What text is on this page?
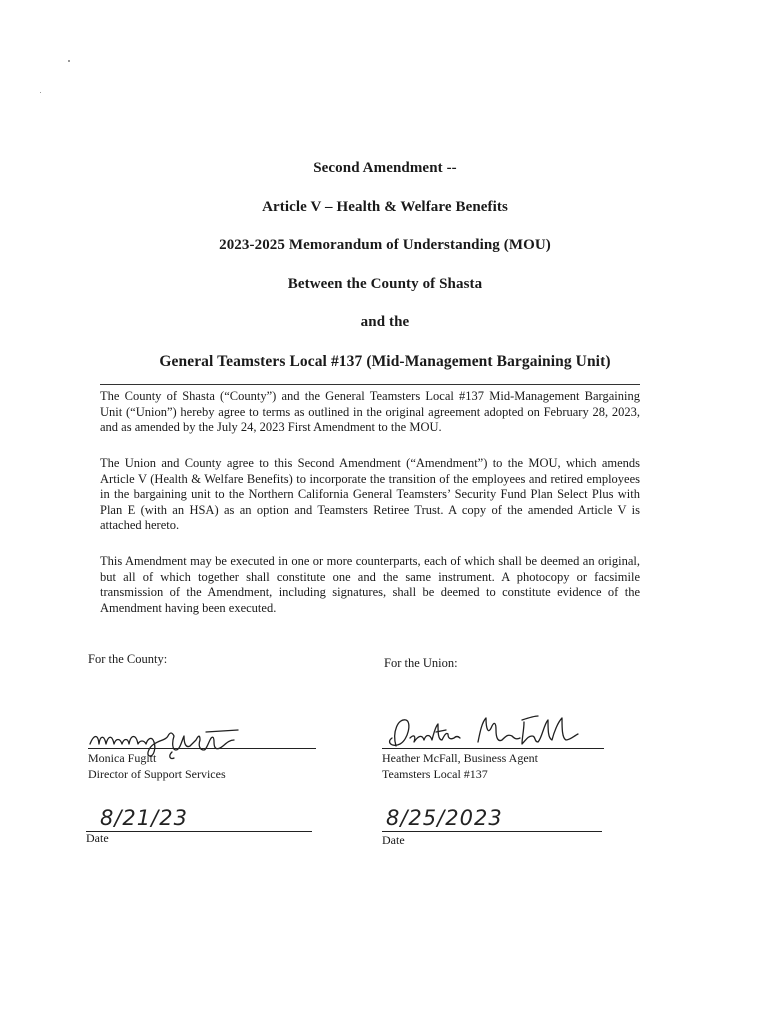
Second Amendment --
Article V – Health & Welfare Benefits
2023-2025 Memorandum of Understanding (MOU)
Between the County of Shasta
and the
General Teamsters Local #137 (Mid-Management Bargaining Unit)
The County of Shasta (“County”) and the General Teamsters Local #137 Mid-Management Bargaining Unit (“Union”) hereby agree to terms as outlined in the original agreement adopted on February 28, 2023, and as amended by the July 24, 2023 First Amendment to the MOU.
The Union and County agree to this Second Amendment (“Amendment”) to the MOU, which amends Article V (Health & Welfare Benefits) to incorporate the transition of the employees and retired employees in the bargaining unit to the Northern California General Teamsters’ Security Fund Plan Select Plus with Plan E (with an HSA) as an option and Teamsters Retiree Trust. A copy of the amended Article V is attached hereto.
This Amendment may be executed in one or more counterparts, each of which shall be deemed an original, but all of which together shall constitute one and the same instrument. A photocopy or facsimile transmission of the Amendment, including signatures, shall be deemed to constitute evidence of the Amendment having been executed.
For the County:
Monica Fugitt
Director of Support Services
8/21/23
Date
For the Union:
Heather McFall, Business Agent
Teamsters Local #137
8/25/2023
Date
